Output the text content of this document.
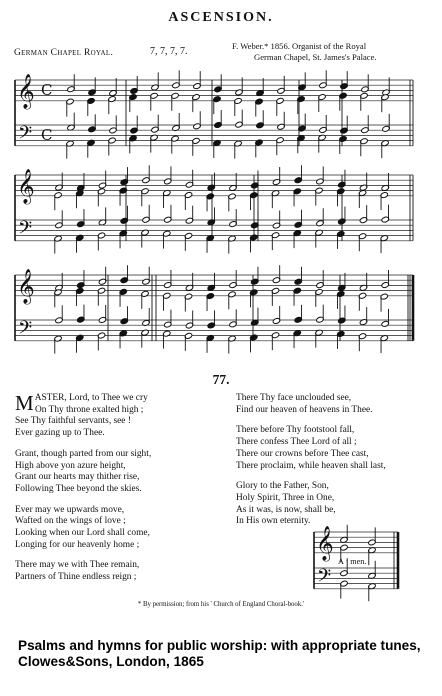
ASCENSION.
German Chapel Royal.	7, 7, 7, 7.	F. Weber.* 1856. Organist of the Royal
German Chapel, St. James's Palace.
𝄞
𝄢
C
C
𝄞
𝄢
𝄞
𝄢
𝄞
𝄢
A · men.
77.
MASTER, Lord, to Thee we cry
On Thy throne exalted high ;
See Thy faithful servants, see !
Ever gazing up to Thee.
Grant, though parted from our sight,
High above yon azure height,
Grant our hearts may thither rise,
Following Thee beyond the skies.
Ever may we upwards move,
Wafted on the wings of love ;
Looking when our Lord shall come,
Longing for our heavenly home ;
There may we with Thee remain,
Partners of Thine endless reign ;
There Thy face unclouded see,
Find our heaven of heavens in Thee.
There before Thy footstool fall,
There confess Thee Lord of all ;
There our crowns before Thee cast,
There proclaim, while heaven shall last,
Glory to the Father, Son,
Holy Spirit, Three in One,
As it was, is now, shall be,
In His own eternity.
* By permission; from his ' Church of England Choral-book.'
Psalms and hymns for public worship: with appropriate tunes, Clowes&Sons, London, 1865
